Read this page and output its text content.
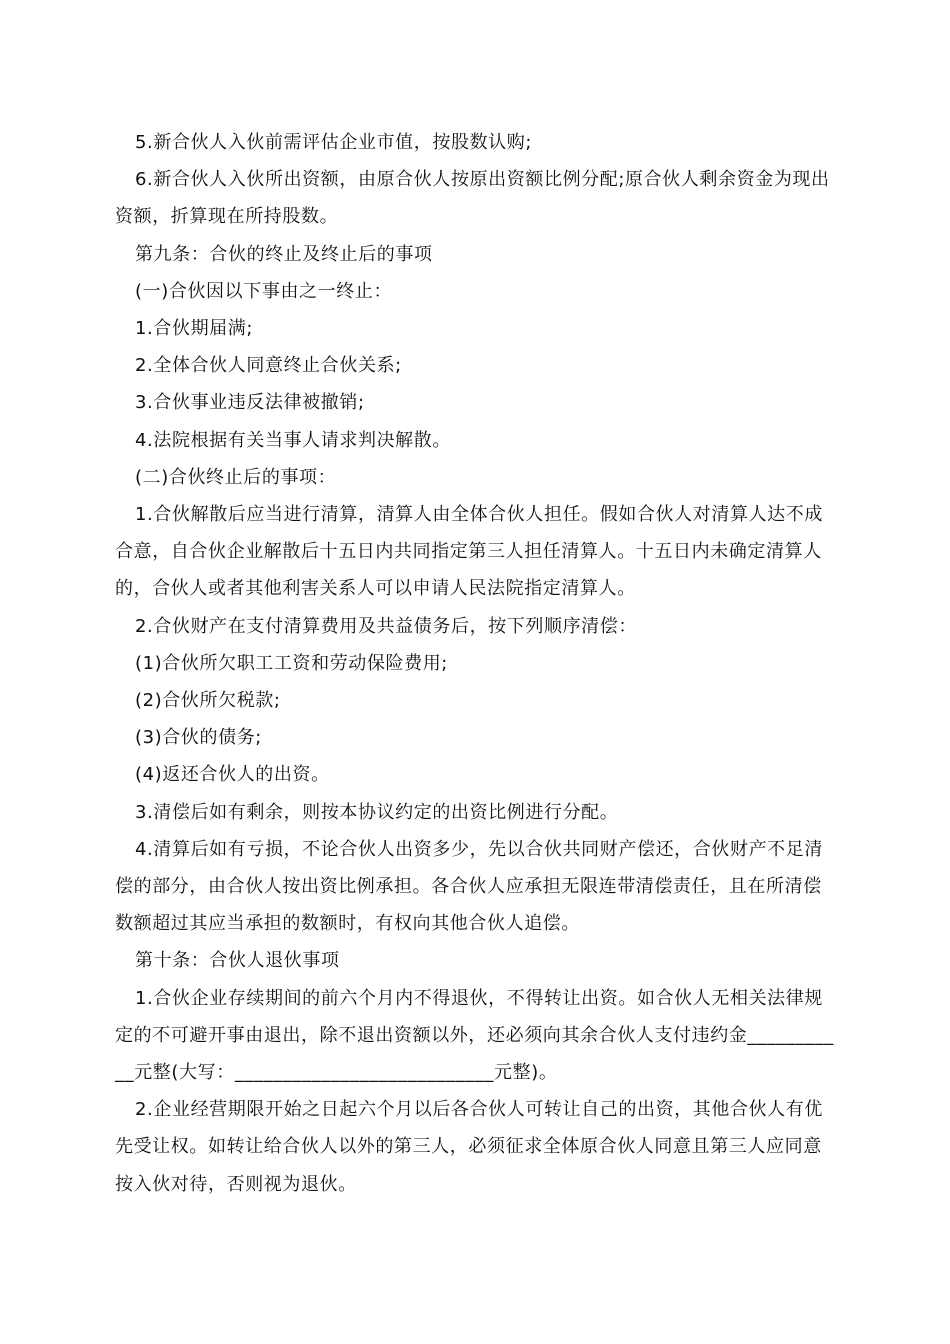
5.新合伙人入伙前需评估企业市值，按股数认购;

6.新合伙人入伙所出资额，由原合伙人按原出资额比例分配;原合伙人剩余资金为现出资额，折算现在所持股数。

第九条：合伙的终止及终止后的事项

(一)合伙因以下事由之一终止：

1.合伙期届满;

2.全体合伙人同意终止合伙关系;

3.合伙事业违反法律被撤销;

4.法院根据有关当事人请求判决解散。

(二)合伙终止后的事项：

1.合伙解散后应当进行清算，清算人由全体合伙人担任。假如合伙人对清算人达不成合意，自合伙企业解散后十五日内共同指定第三人担任清算人。十五日内未确定清算人的，合伙人或者其他利害关系人可以申请人民法院指定清算人。

2.合伙财产在支付清算费用及共益债务后，按下列顺序清偿：

(1)合伙所欠职工工资和劳动保险费用;

(2)合伙所欠税款;

(3)合伙的债务;

(4)返还合伙人的出资。

3.清偿后如有剩余，则按本协议约定的出资比例进行分配。

4.清算后如有亏损，不论合伙人出资多少，先以合伙共同财产偿还，合伙财产不足清偿的部分，由合伙人按出资比例承担。各合伙人应承担无限连带清偿责任，且在所清偿数额超过其应当承担的数额时，有权向其他合伙人追偿。

第十条：合伙人退伙事项

1.合伙企业存续期间的前六个月内不得退伙，不得转让出资。如合伙人无相关法律规定的不可避开事由退出，除不退出资额以外，还必须向其余合伙人支付违约金___________元整(大写：___________________________元整)。

2.企业经营期限开始之日起六个月以后各合伙人可转让自己的出资，其他合伙人有优先受让权。如转让给合伙人以外的第三人，必须征求全体原合伙人同意且第三人应同意按入伙对待，否则视为退伙。
